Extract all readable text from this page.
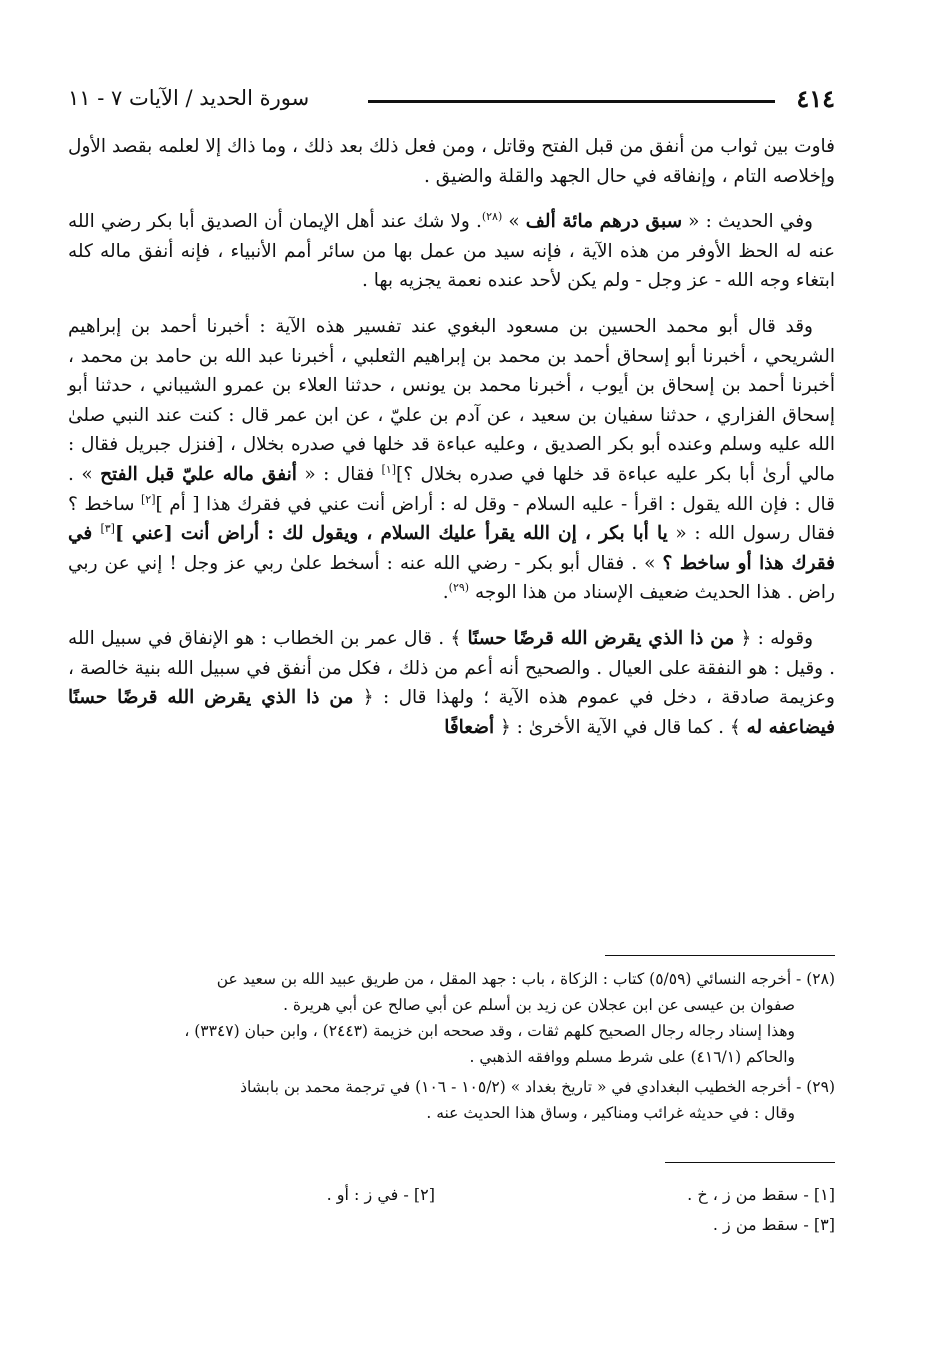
٤١٤
سورة الحديد / الآيات ٧ - ١١

فاوت بين ثواب من أنفق من قبل الفتح وقاتل ، ومن فعل ذلك بعد ذلك ، وما ذاك إلا لعلمه بقصد الأول وإخلاصه التام ، وإنفاقه في حال الجهد والقلة والضيق .

وفي الحديث : « سبق درهم مائة ألف » $^{(٢٨)}$. ولا شك عند أهل الإيمان أن الصديق أبا بكر رضي الله عنه له الحظ الأوفر من هذه الآية ، فإنه سيد من عمل بها من سائر أمم الأنبياء ، فإنه أنفق ماله كله ابتغاء وجه الله - عز وجل - ولم يكن لأحد عنده نعمة يجزيه بها .

وقد قال أبو محمد الحسين بن مسعود البغوي عند تفسير هذه الآية : أخبرنا أحمد بن إبراهيم الشريحي ، أخبرنا أبو إسحاق أحمد بن محمد بن إبراهيم الثعلبي ، أخبرنا عبد الله بن حامد بن محمد ، أخبرنا أحمد بن إسحاق بن أيوب ، أخبرنا محمد بن يونس ، حدثنا العلاء بن عمرو الشيباني ، حدثنا أبو إسحاق الفزاري ، حدثنا سفيان بن سعيد ، عن آدم بن عليّ ، عن ابن عمر قال : كنت عند النبي صلىٰ الله عليه وسلم وعنده أبو بكر الصديق ، وعليه عباءة قد خلها في صدره بخلال ، [فنزل جبريل فقال : مالي أرىٰ أبا بكر عليه عباءة قد خلها في صدره بخلال ؟][١] فقال : « أنفق ماله عليّ قبل الفتح » . قال : فإن الله يقول : اقرأ - عليه السلام - وقل له : أراض أنت عني في فقرك هذا [ أم ][٢] ساخط ؟ فقال رسول الله : « يا أبا بكر ، إن الله يقرأ عليك السلام ، ويقول لك : أراض أنت [عني ][٣] في فقرك هذا أو ساخط ؟ » . فقال أبو بكر - رضي الله عنه : أسخط علىٰ ربي عز وجل ! إني عن ربي راض . هذا الحديث ضعيف الإسناد من هذا الوجه $^{(٢٩)}$.

وقوله : ﴿ من ذا الذي يقرض الله قرضًا حسنًا ﴾ . قال عمر بن الخطاب : هو الإنفاق في سبيل الله . وقيل : هو النفقة على العيال . والصحيح أنه أعم من ذلك ، فكل من أنفق في سبيل الله بنية خالصة ، وعزيمة صادقة ، دخل في عموم هذه الآية ؛ ولهذا قال : ﴿ من ذا الذي يقرض الله قرضًا حسنًا فيضاعفه له ﴾ . كما قال في الآية الأخرىٰ : ﴿ أضعافًا

(٢٨) - أخرجه النسائي (٥/٥٩) كتاب : الزكاة ، باب : جهد المقل ، من طريق عبيد الله بن سعيد عن
صفوان بن عيسى عن ابن عجلان عن زيد بن أسلم عن أبي صالح عن أبي هريرة .
وهذا إسناد رجاله رجال الصحيح كلهم ثقات ، وقد صححه ابن خزيمة (٢٤٤٣) ، وابن حبان (٣٣٤٧) ،
والحاكم (٤١٦/١) على شرط مسلم ووافقه الذهبي .
(٢٩) - أخرجه الخطيب البغدادي في « تاريخ بغداد » (١٠٥/٢ - ١٠٦) في ترجمة محمد بن بابشاذ
وقال : في حديثه غرائب ومناكير ، وساق هذا الحديث عنه .
[١] - سقط من ز ، خ .
[٢] - في ز : أو .
[٣] - سقط من ز .
